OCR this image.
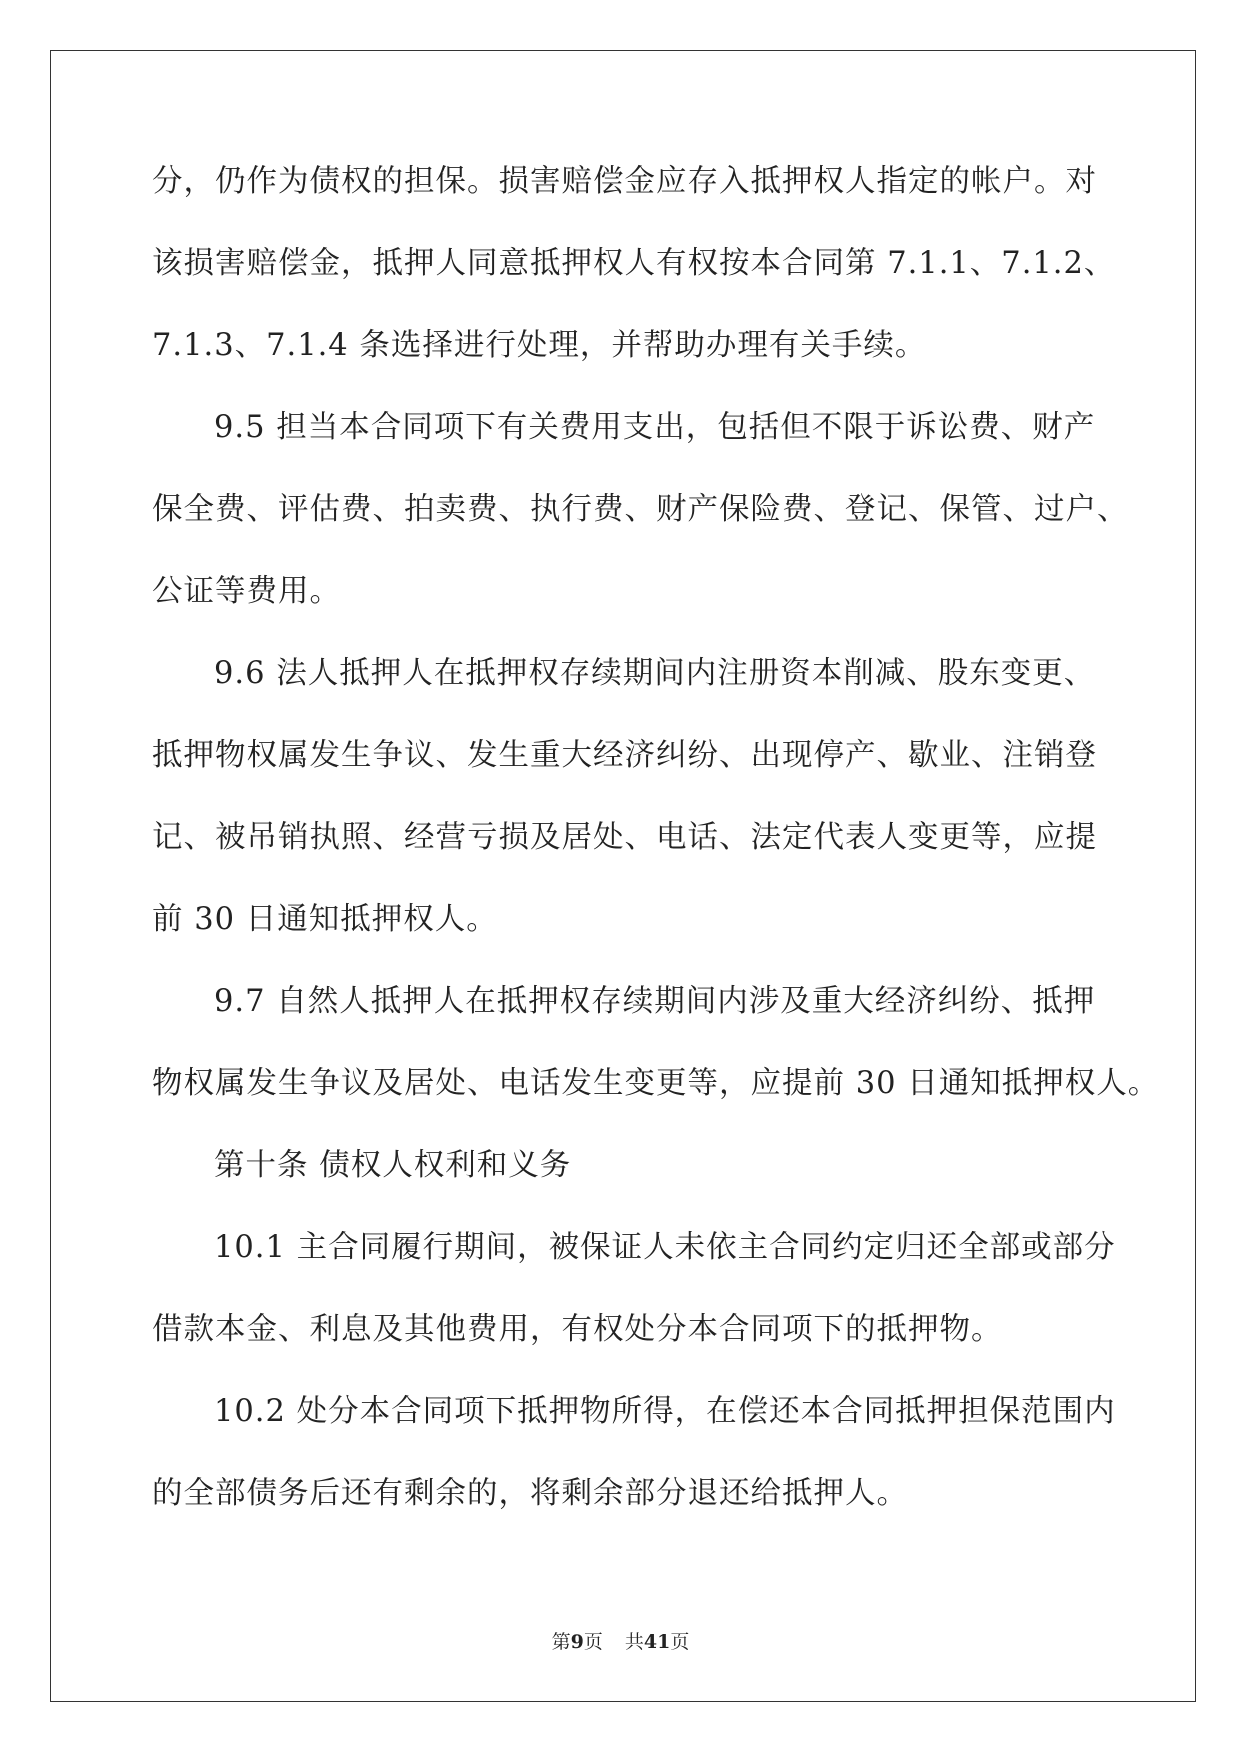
分，仍作为债权的担保。损害赔偿金应存入抵押权人指定的帐户。对
该损害赔偿金，抵押人同意抵押权人有权按本合同第 7.1.1、7.1.2、
7.1.3、7.1.4 条选择进行处理，并帮助办理有关手续。
9.5 担当本合同项下有关费用支出，包括但不限于诉讼费、财产
保全费、评估费、拍卖费、执行费、财产保险费、登记、保管、过户、
公证等费用。
9.6 法人抵押人在抵押权存续期间内注册资本削减、股东变更、
抵押物权属发生争议、发生重大经济纠纷、出现停产、歇业、注销登
记、被吊销执照、经营亏损及居处、电话、法定代表人变更等，应提
前 30 日通知抵押权人。
9.7 自然人抵押人在抵押权存续期间内涉及重大经济纠纷、抵押
物权属发生争议及居处、电话发生变更等，应提前 30 日通知抵押权人。
第十条 债权人权利和义务
10.1 主合同履行期间，被保证人未依主合同约定归还全部或部分
借款本金、利息及其他费用，有权处分本合同项下的抵押物。
10.2 处分本合同项下抵押物所得，在偿还本合同抵押担保范围内
的全部债务后还有剩余的，将剩余部分退还给抵押人。
第9页 共41页
